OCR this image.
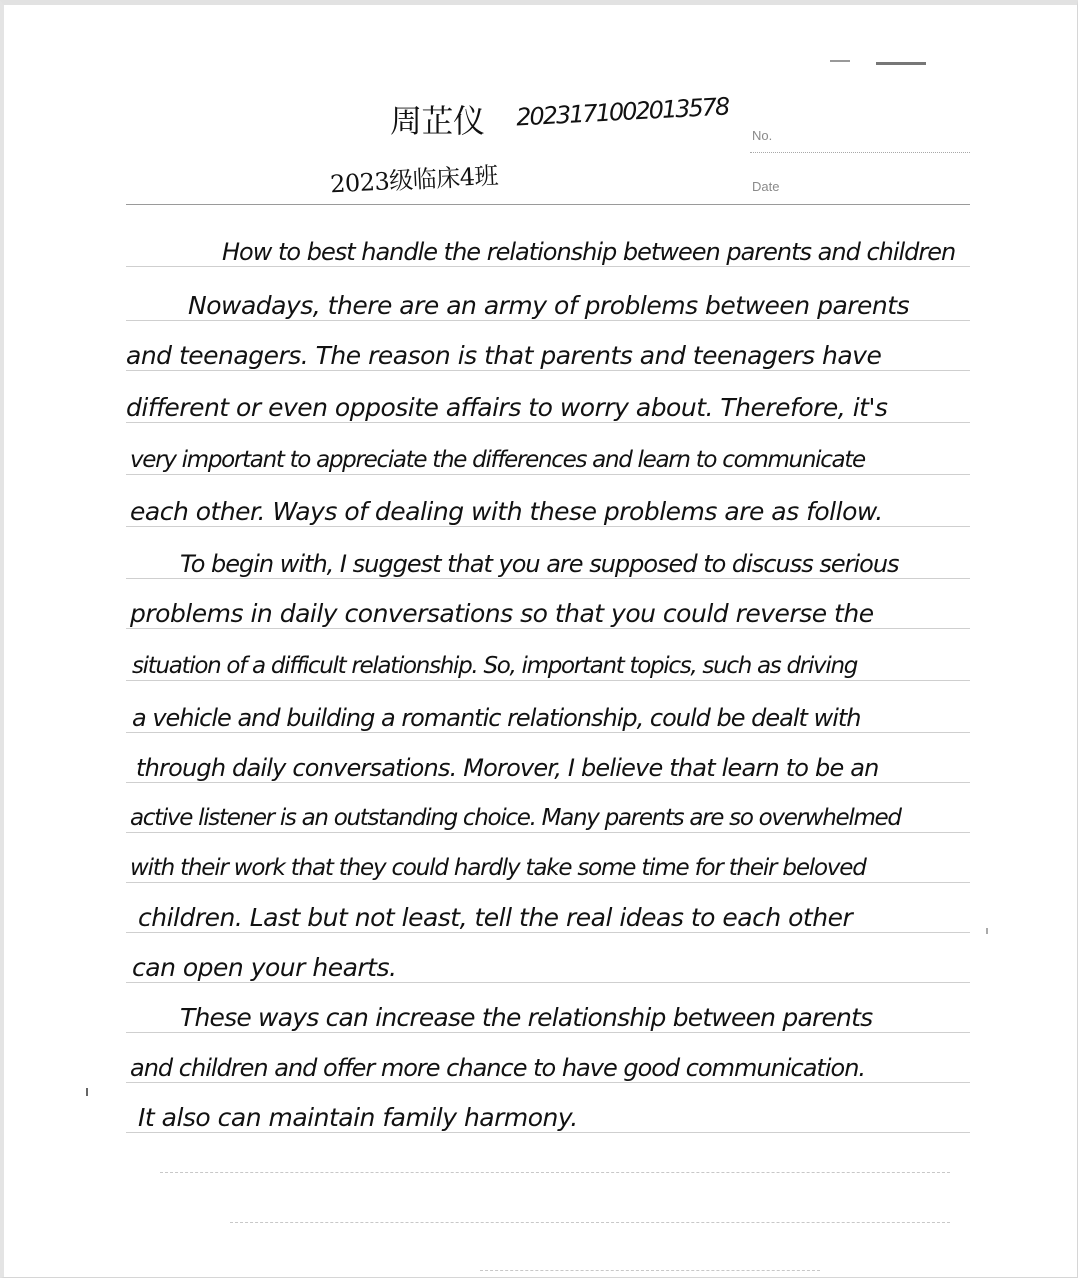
周芷仪 2023171002013578
2023级临床4班
No.
Date
How to best handle the relationship between parents and children
Nowadays, there are an army of problems between parents
and teenagers. The reason is that parents and teenagers have
different or even opposite affairs to worry about. Therefore, it's
very important to appreciate the differences and learn to communicate
each other. Ways of dealing with these problems are as follow.
To begin with, I suggest that you are supposed to discuss serious
problems in daily conversations so that you could reverse the
situation of a difficult relationship. So, important topics, such as driving
a vehicle and building a romantic relationship, could be dealt with
through daily conversations. Morover, I believe that learn to be an
active listener is an outstanding choice. Many parents are so overwhelmed
with their work that they could hardly take some time for their beloved
children. Last but not least, tell the real ideas to each other
can open your hearts.
These ways can increase the relationship between parents
and children and offer more chance to have good communication.
It also can maintain family harmony.
